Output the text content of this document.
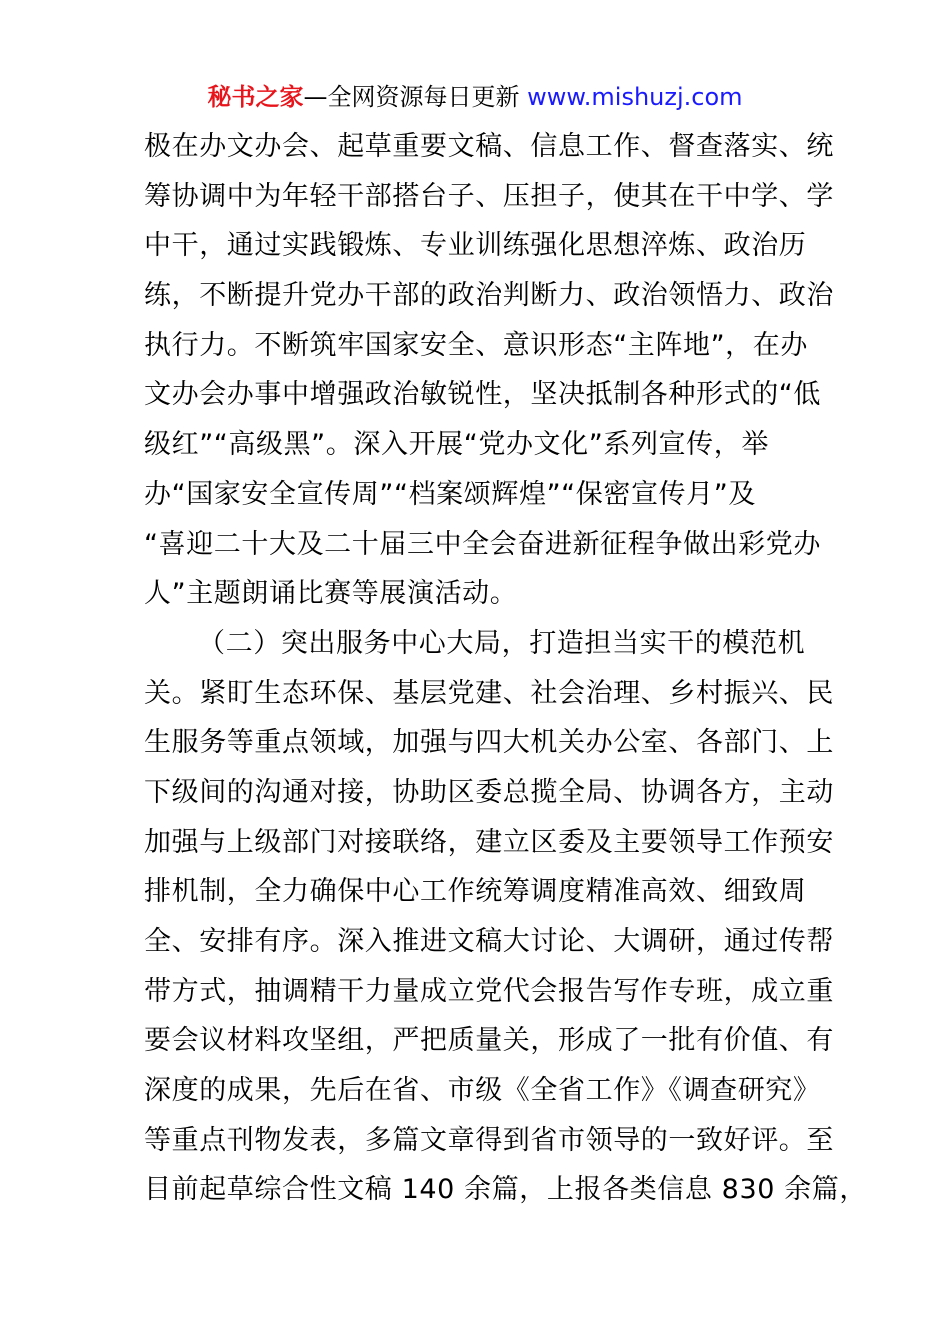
秘书之家—全网资源每日更新 www.mishuzj.com
极在办文办会、起草重要文稿、信息工作、督查落实、统
筹协调中为年轻干部搭台子、压担子，使其在干中学、学
中干，通过实践锻炼、专业训练强化思想淬炼、政治历
练，不断提升党办干部的政治判断力、政治领悟力、政治
执行力。不断筑牢国家安全、意识形态“主阵地”，在办
文办会办事中增强政治敏锐性，坚决抵制各种形式的“低
级红”“高级黑”。深入开展“党办文化”系列宣传，举
办“国家安全宣传周”“档案颂辉煌”“保密宣传月”及
“喜迎二十大及二十届三中全会奋进新征程争做出彩党办
人”主题朗诵比赛等展演活动。
（二）突出服务中心大局，打造担当实干的模范机
关。紧盯生态环保、基层党建、社会治理、乡村振兴、民
生服务等重点领域，加强与四大机关办公室、各部门、上
下级间的沟通对接，协助区委总揽全局、协调各方，主动
加强与上级部门对接联络，建立区委及主要领导工作预安
排机制，全力确保中心工作统筹调度精准高效、细致周
全、安排有序。深入推进文稿大讨论、大调研，通过传帮
带方式，抽调精干力量成立党代会报告写作专班，成立重
要会议材料攻坚组，严把质量关，形成了一批有价值、有
深度的成果，先后在省、市级《全省工作》《调查研究》
等重点刊物发表，多篇文章得到省市领导的一致好评。至
目前起草综合性文稿 140 余篇，上报各类信息 830 余篇，
